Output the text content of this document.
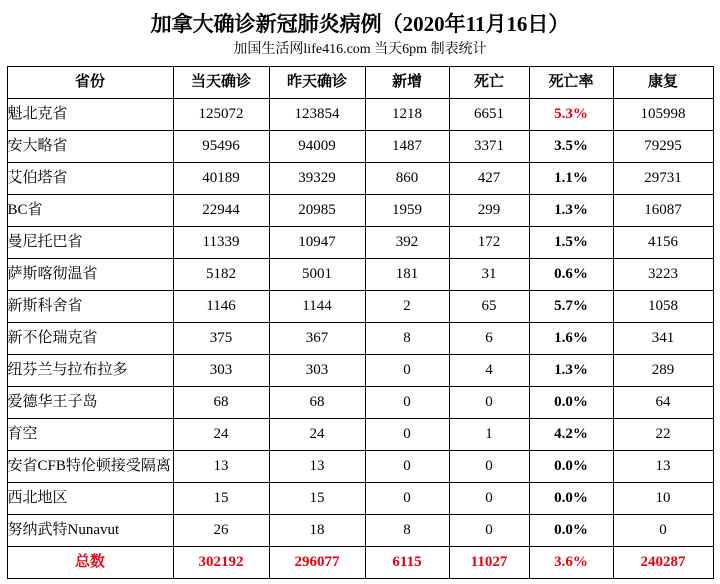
加拿大确诊新冠肺炎病例（2020年11月16日）
加国生活网life416.com 当天6pm 制表统计
省份	当天确诊	昨天确诊	新增	死亡	死亡率	康复
魁北克省	125072	123854	1218	6651	5.3%	105998
安大略省	95496	94009	1487	3371	3.5%	79295
艾伯塔省	40189	39329	860	427	1.1%	29731
BC省	22944	20985	1959	299	1.3%	16087
曼尼托巴省	11339	10947	392	172	1.5%	4156
萨斯喀彻温省	5182	5001	181	31	0.6%	3223
新斯科舍省	1146	1144	2	65	5.7%	1058
新不伦瑞克省	375	367	8	6	1.6%	341
纽芬兰与拉布拉多	303	303	0	4	1.3%	289
爱德华王子岛	68	68	0	0	0.0%	64
育空	24	24	0	1	4.2%	22
安省CFB特伦顿接受隔离	13	13	0	0	0.0%	13
西北地区	15	15	0	0	0.0%	10
努纳武特Nunavut	26	18	8	0	0.0%	0
总数	302192	296077	6115	11027	3.6%	240287
